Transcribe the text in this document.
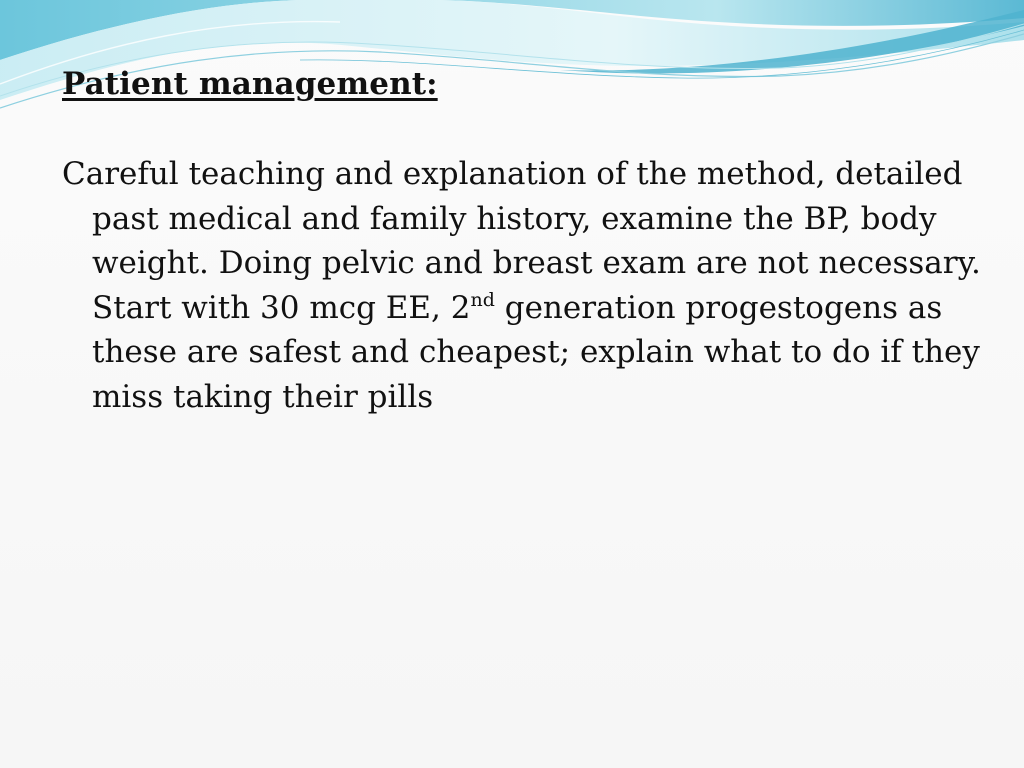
Patient management:

Careful teaching and explanation of the method, detailed past medical and family history, examine the BP, body weight. Doing pelvic and breast exam are not necessary. Start with 30 mcg EE, 2nd generation progestogens as these are safest and cheapest; explain what to do if they miss taking their pills
